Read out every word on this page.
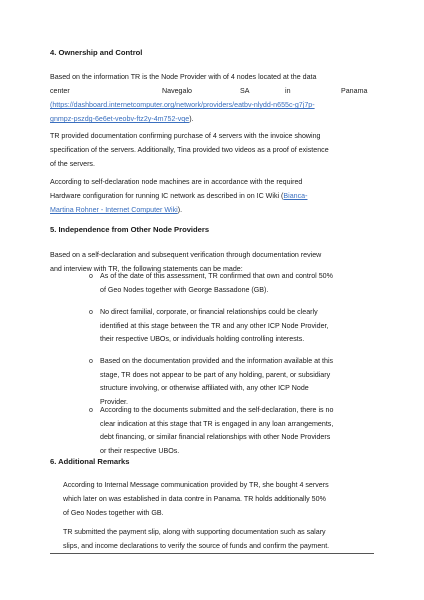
4. Ownership and Control
Based on the information TR is the Node Provider with of 4 nodes located at the data
center	Navegalo	SA	in	Panama
(https://dashboard.internetcomputer.org/network/providers/eatbv-nlydd-n655c-g7j7p-
gnmpz-pszdg-6e6et-veobv-ftz2y-4m752-vqe).
TR provided documentation confirming purchase of 4 servers with the invoice showing
specification of the servers. Additionally, Tina provided two videos as a proof of existence
of the servers.
According to self-declaration node machines are in accordance with the required
Hardware configuration for running IC network as described in on IC Wiki (Bianca-
Martina Rohner - Internet Computer Wiki).
5. Independence from Other Node Providers
Based on a self-declaration and subsequent verification through documentation review
and interview with TR, the following statements can be made:
o As of the date of this assessment, TR confirmed that own and control 50%
of Geo Nodes together with George Bassadone (GB).
o No direct familial, corporate, or financial relationships could be clearly
identified at this stage between the TR and any other ICP Node Provider,
their respective UBOs, or individuals holding controlling interests.
o Based on the documentation provided and the information available at this
stage, TR does not appear to be part of any holding, parent, or subsidiary
structure involving, or otherwise affiliated with, any other ICP Node
Provider.
o According to the documents submitted and the self-declaration, there is no
clear indication at this stage that TR is engaged in any loan arrangements,
debt financing, or similar financial relationships with other Node Providers
or their respective UBOs.
6. Additional Remarks
According to Internal Message communication provided by TR, she bought 4 servers
which later on was established in data contre in Panama. TR holds additionally 50%
of Geo Nodes together with GB.
TR submitted the payment slip, along with supporting documentation such as salary
slips, and income declarations to verify the source of funds and confirm the payment.
